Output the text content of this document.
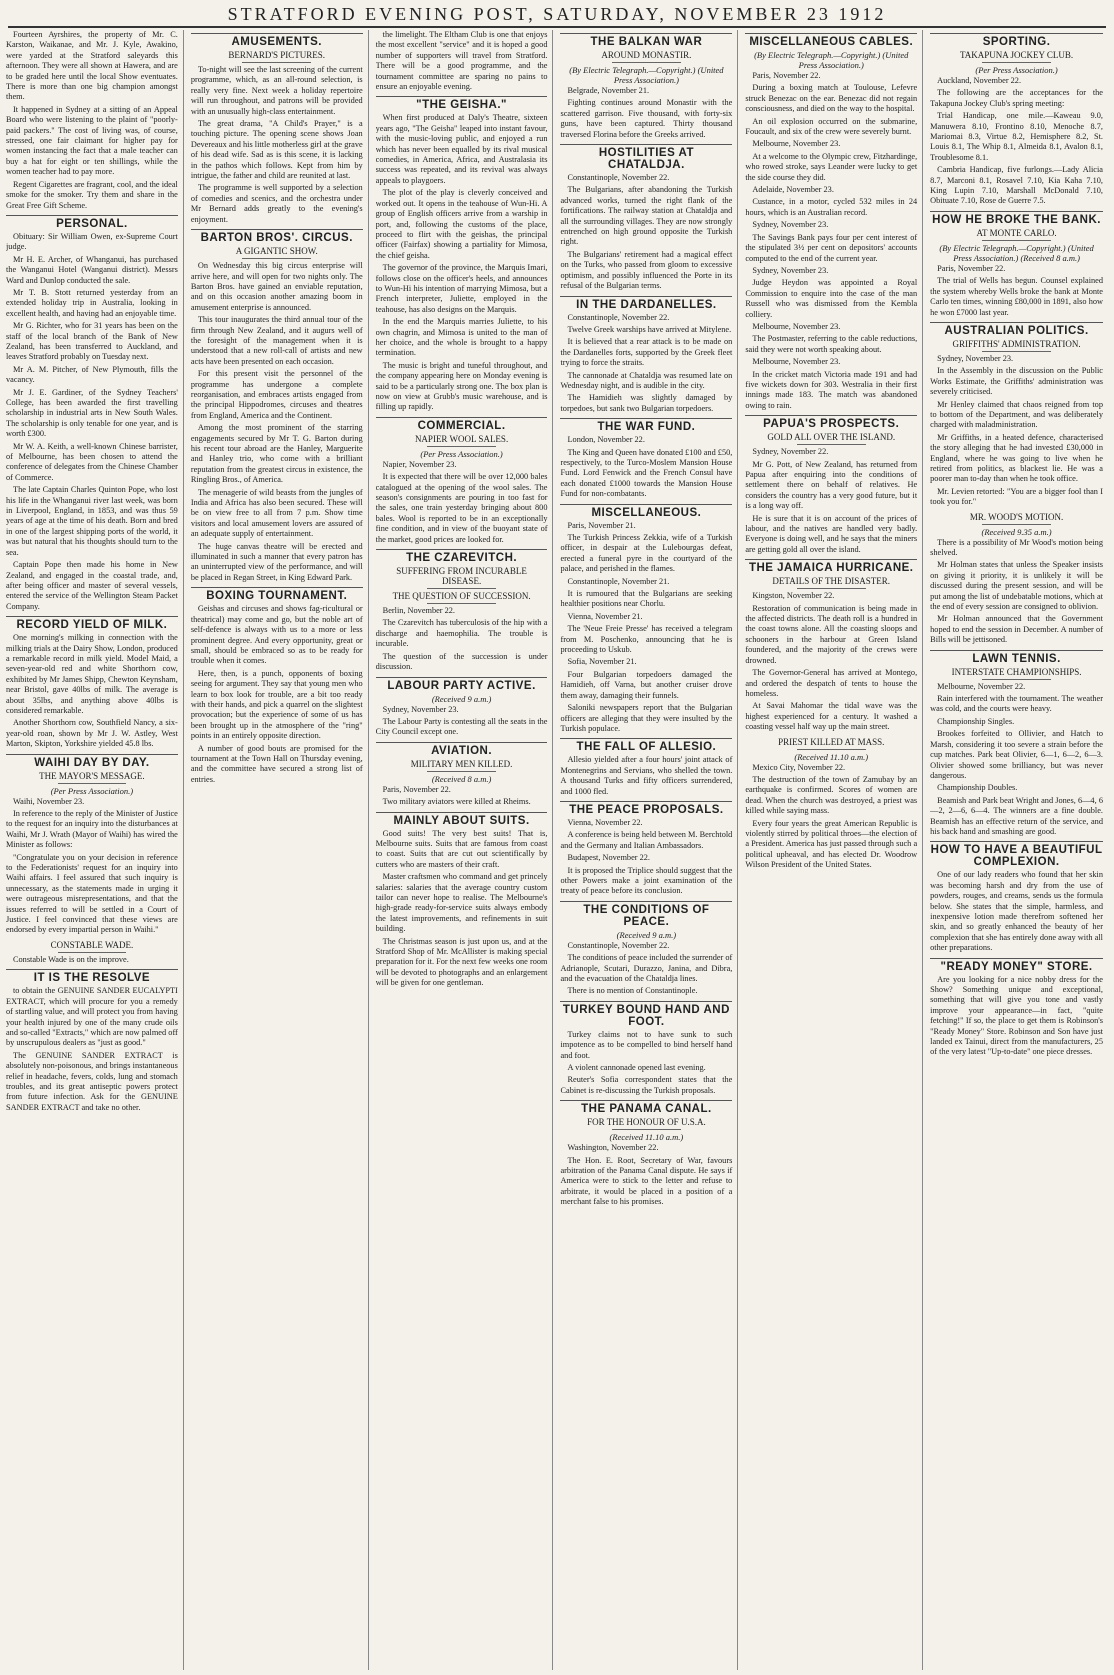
STRATFORD EVENING POST, SATURDAY, NOVEMBER 23 1912

Fourteen Ayrshires, the property of Mr. C. Karston, Waikanae, and Mr. J. Kyle, Awakino, were yarded at the Stratford saleyards this afternoon. They were all shown at Hawera, and are to be graded here until the local Show eventuates. There is more than one big champion amongst them.

It happened in Sydney at a sitting of an Appeal Board who were listening to the plaint of "poorly-paid packers." The cost of living was, of course, stressed, one fair claimant for higher pay for women instancing the fact that a male teacher can buy a hat for eight or ten shillings, while the women teacher had to pay more.

Regent Cigarettes are fragrant, cool, and the ideal smoke for the smoker. Try them and share in the Great Free Gift Scheme.

PERSONAL.

Obituary: Sir William Owen, ex-Supreme Court judge.

Mr H. E. Archer, of Whanganui, has purchased the Wanganui Hotel (Wanganui district). Messrs Ward and Dunlop conducted the sale.

Mr T. B. Stott returned yesterday from an extended holiday trip in Australia, looking in excellent health, and having had an enjoyable time.

Mr G. Richter, who for 31 years has been on the staff of the local branch of the Bank of New Zealand, has been transferred to Auckland, and leaves Stratford probably on Tuesday next.

Mr A. M. Pitcher, of New Plymouth, fills the vacancy.

Mr J. E. Gardiner, of the Sydney Teachers' College, has been awarded the first travelling scholarship in industrial arts in New South Wales. The scholarship is only tenable for one year, and is worth £300.

Mr W. A. Keith, a well-known Chinese barrister, of Melbourne, has been chosen to attend the conference of delegates from the Chinese Chamber of Commerce.

The late Captain Charles Quinton Pope, who lost his life in the Whanganui river last week, was born in Liverpool, England, in 1853, and was thus 59 years of age at the time of his death. Born and bred in one of the largest shipping ports of the world, it was but natural that his thoughts should turn to the sea.

Captain Pope then made his home in New Zealand, and engaged in the coastal trade, and, after being officer and master of several vessels, entered the service of the Wellington Steam Packet Company.

RECORD YIELD OF MILK.

One morning's milking in connection with the milking trials at the Dairy Show, London, produced a remarkable record in milk yield. Model Maid, a seven-year-old red and white Shorthorn cow, exhibited by Mr James Shipp, Chewton Keynsham, near Bristol, gave 40lbs of milk. The average is about 35lbs, and anything above 40lbs is considered remarkable.

Another Shorthorn cow, Southfield Nancy, a six-year-old roan, shown by Mr J. W. Astley, West Marton, Skipton, Yorkshire yielded 45.8 lbs.

WAIHI DAY BY DAY.
THE MAYOR'S MESSAGE.
(Per Press Association.)

Waihi, November 23.

In reference to the reply of the Minister of Justice to the request for an inquiry into the disturbances at Waihi, Mr J. Wrath (Mayor of Waihi) has wired the Minister as follows:

"Congratulate you on your decision in reference to the Federationists' request for an inquiry into Waihi affairs. I feel assured that such inquiry is unnecessary, as the statements made in urging it were outrageous misrepresentations, and that the issues referred to will be settled in a Court of Justice. I feel convinced that these views are endorsed by every impartial person in Waihi."

CONSTABLE WADE.

Constable Wade is on the improve.

IT IS THE RESOLVE

to obtain the GENUINE SANDER EUCALYPTI EXTRACT, which will procure for you a remedy of startling value, and will protect you from having your health injured by one of the many crude oils and so-called "Extracts," which are now palmed off by unscrupulous dealers as "just as good."

The GENUINE SANDER EXTRACT is absolutely non-poisonous, and brings instantaneous relief in headache, fevers, colds, lung and stomach troubles, and its great antiseptic powers protect from future infection. Ask for the GENUINE SANDER EXTRACT and take no other.

AMUSEMENTS.
BERNARD'S PICTURES.

To-night will see the last screening of the current programme, which, as an all-round selection, is really very fine. Next week a holiday repertoire will run throughout, and patrons will be provided with an unusually high-class entertainment.

The great drama, "A Child's Prayer," is a touching picture. The opening scene shows Joan Devereaux and his little motherless girl at the grave of his dead wife. Sad as is this scene, it is lacking in the pathos which follows. Kept from him by intrigue, the father and child are reunited at last.

The programme is well supported by a selection of comedies and scenics, and the orchestra under Mr Bernard adds greatly to the evening's enjoyment.

BARTON BROS'. CIRCUS.
A GIGANTIC SHOW.

On Wednesday this big circus enterprise will arrive here, and will open for two nights only. The Barton Bros. have gained an enviable reputation, and on this occasion another amazing boom in amusement enterprise is announced.

This tour inaugurates the third annual tour of the firm through New Zealand, and it augurs well of the foresight of the management when it is understood that a new roll-call of artists and new acts have been presented on each occasion.

For this present visit the personnel of the programme has undergone a complete reorganisation, and embraces artists engaged from the principal Hippodromes, circuses and theatres from England, America and the Continent.

Among the most prominent of the starring engagements secured by Mr T. G. Barton during his recent tour abroad are the Hanley, Marguerite and Hanley trio, who come with a brilliant reputation from the greatest circus in existence, the Ringling Bros., of America.

The menagerie of wild beasts from the jungles of India and Africa has also been secured. These will be on view free to all from 7 p.m. Show time visitors and local amusement lovers are assured of an adequate supply of entertainment.

The huge canvas theatre will be erected and illuminated in such a manner that every patron has an uninterrupted view of the performance, and will be placed in Regan Street, in King Edward Park.

BOXING TOURNAMENT.

Geishas and circuses and shows fag-ricultural or theatrical) may come and go, but the noble art of self-defence is always with us to a more or less prominent degree. And every opportunity, great or small, should be embraced so as to be ready for trouble when it comes.

Here, then, is a punch, opponents of boxing seeing for argument. They say that young men who learn to box look for trouble, are a bit too ready with their hands, and pick a quarrel on the slightest provocation; but the experience of some of us has been brought up in the atmosphere of the "ring" points in an entirely opposite direction.

A number of good bouts are promised for the tournament at the Town Hall on Thursday evening, and the committee have secured a strong list of entries.

the limelight. The Eltham Club is one that enjoys the most excellent "service" and it is hoped a good number of supporters will travel from Stratford. There will be a good programme, and the tournament committee are sparing no pains to ensure an enjoyable evening.

"THE GEISHA."

When first produced at Daly's Theatre, sixteen years ago, "The Geisha" leaped into instant favour, with the music-loving public, and enjoyed a run which has never been equalled by its rival musical comedies, in America, Africa, and Australasia its success was repeated, and its revival was always appeals to playgoers.

The plot of the play is cleverly conceived and worked out. It opens in the teahouse of Wun-Hi. A group of English officers arrive from a warship in port, and, following the customs of the place, proceed to flirt with the geishas, the principal officer (Fairfax) showing a partiality for Mimosa, the chief geisha.

The governor of the province, the Marquis Imari, follows close on the officer's heels, and announces to Wun-Hi his intention of marrying Mimosa, but a French interpreter, Juliette, employed in the teahouse, has also designs on the Marquis.

In the end the Marquis marries Juliette, to his own chagrin, and Mimosa is united to the man of her choice, and the whole is brought to a happy termination.

The music is bright and tuneful throughout, and the company appearing here on Monday evening is said to be a particularly strong one. The box plan is now on view at Grubb's music warehouse, and is filling up rapidly.

COMMERCIAL.
NAPIER WOOL SALES.
(Per Press Association.)

Napier, November 23.

It is expected that there will be over 12,000 bales catalogued at the opening of the wool sales. The season's consignments are pouring in too fast for the sales, one train yesterday bringing about 800 bales. Wool is reported to be in an exceptionally fine condition, and in view of the buoyant state of the market, good prices are looked for.

THE CZAREVITCH.
SUFFERING FROM INCURABLE DISEASE.
THE QUESTION OF SUCCESSION.

Berlin, November 22.

The Czarevitch has tuberculosis of the hip with a discharge and haemophilia. The trouble is incurable.

The question of the succession is under discussion.

LABOUR PARTY ACTIVE.
(Received 9 a.m.)

Sydney, November 23.

The Labour Party is contesting all the seats in the City Council except one.

AVIATION.
MILITARY MEN KILLED.
(Received 8 a.m.)

Paris, November 22.

Two military aviators were killed at Rheims.

MAINLY ABOUT SUITS.

Good suits! The very best suits! That is, Melbourne suits. Suits that are famous from coast to coast. Suits that are cut out scientifically by cutters who are masters of their craft.

Master craftsmen who command and get princely salaries: salaries that the average country custom tailor can never hope to realise. The Melbourne's high-grade ready-for-service suits always embody the latest improvements, and refinements in suit building.

The Christmas season is just upon us, and at the Stratford Shop of Mr. McAllister is making special preparation for it. For the next few weeks one room will be devoted to photographs and an enlargement will be given for one gentleman.

THE BALKAN WAR
AROUND MONASTIR.
(By Electric Telegraph.—Copyright.) (United Press Association.)

Belgrade, November 21.

Fighting continues around Monastir with the scattered garrison. Five thousand, with forty-six guns, have been captured. Thirty thousand traversed Florina before the Greeks arrived.

HOSTILITIES AT CHATALDJA.

Constantinople, November 22.

The Bulgarians, after abandoning the Turkish advanced works, turned the right flank of the fortifications. The railway station at Chataldja and all the surrounding villages. They are now strongly entrenched on high ground opposite the Turkish right.

The Bulgarians' retirement had a magical effect on the Turks, who passed from gloom to excessive optimism, and possibly influenced the Porte in its refusal of the Bulgarian terms.

IN THE DARDANELLES.

Constantinople, November 22.

Twelve Greek warships have arrived at Mitylene.

It is believed that a rear attack is to be made on the Dardanelles forts, supported by the Greek fleet trying to force the straits.

The cannonade at Chataldja was resumed late on Wednesday night, and is audible in the city.

The Hamidieh was slightly damaged by torpedoes, but sank two Bulgarian torpedoers.

THE WAR FUND.

London, November 22.

The King and Queen have donated £100 and £50, respectively, to the Turco-Moslem Mansion House Fund. Lord Fenwick and the French Consul have each donated £1000 towards the Mansion House Fund for non-combatants.

MISCELLANEOUS.

Paris, November 21.

The Turkish Princess Zekkia, wife of a Turkish officer, in despair at the Lulebourgas defeat, erected a funeral pyre in the courtyard of the palace, and perished in the flames.

Constantinople, November 21.

It is rumoured that the Bulgarians are seeking healthier positions near Chorlu.

Vienna, November 21.

The 'Neue Freie Presse' has received a telegram from M. Poschenko, announcing that he is proceeding to Uskub.

Sofia, November 21.

Four Bulgarian torpedoers damaged the Hamidieh, off Varna, but another cruiser drove them away, damaging their funnels.

Saloniki newspapers report that the Bulgarian officers are alleging that they were insulted by the Turkish populace.

THE FALL OF ALLESIO.

Allesio yielded after a four hours' joint attack of Montenegrins and Servians, who shelled the town. A thousand Turks and fifty officers surrendered, and 1000 fled.

THE PEACE PROPOSALS.

Vienna, November 22.

A conference is being held between M. Berchtold and the Germany and Italian Ambassadors.

Budapest, November 22.

It is proposed the Triplice should suggest that the other Powers make a joint examination of the treaty of peace before its conclusion.

THE CONDITIONS OF PEACE.
(Received 9 a.m.)

Constantinople, November 22.

The conditions of peace included the surrender of Adrianople, Scutari, Durazzo, Janina, and Dibra, and the evacuation of the Chataldja lines.

There is no mention of Constantinople.

TURKEY BOUND HAND AND FOOT.

Turkey claims not to have sunk to such impotence as to be compelled to bind herself hand and foot.

A violent cannonade opened last evening.

Reuter's Sofia correspondent states that the Cabinet is re-discussing the Turkish proposals.

THE PANAMA CANAL.
FOR THE HONOUR OF U.S.A.
(Received 11.10 a.m.)

Washington, November 22.

The Hon. E. Root, Secretary of War, favours arbitration of the Panama Canal dispute. He says if America were to stick to the letter and refuse to arbitrate, it would be placed in a position of a merchant false to his promises.

MISCELLANEOUS CABLES.
(By Electric Telegraph.—Copyright.) (United Press Association.)

Paris, November 22.

During a boxing match at Toulouse, Lefevre struck Benezac on the ear. Benezac did not regain consciousness, and died on the way to the hospital.

An oil explosion occurred on the submarine, Foucault, and six of the crew were severely burnt.

Melbourne, November 23.

At a welcome to the Olympic crew, Fitzhardinge, who rowed stroke, says Leander were lucky to get the side course they did.

Adelaide, November 23.

Custance, in a motor, cycled 532 miles in 24 hours, which is an Australian record.

Sydney, November 23.

The Savings Bank pays four per cent interest of the stipulated 3½ per cent on depositors' accounts computed to the end of the current year.

Sydney, November 23.

Judge Heydon was appointed a Royal Commission to enquire into the case of the man Russell who was dismissed from the Kembla colliery.

Melbourne, November 23.

The Postmaster, referring to the cable reductions, said they were not worth speaking about.

Melbourne, November 23.

In the cricket match Victoria made 191 and had five wickets down for 303. Westralia in their first innings made 183. The match was abandoned owing to rain.

PAPUA'S PROSPECTS.
GOLD ALL OVER THE ISLAND.

Sydney, November 22.

Mr G. Pott, of New Zealand, has returned from Papua after enquiring into the conditions of settlement there on behalf of relatives. He considers the country has a very good future, but it is a long way off.

He is sure that it is on account of the prices of labour, and the natives are handled very badly. Everyone is doing well, and he says that the miners are getting gold all over the island.

THE JAMAICA HURRICANE.
DETAILS OF THE DISASTER.

Kingston, November 22.

Restoration of communication is being made in the affected districts. The death roll is a hundred in the coast towns alone. All the coasting sloops and schooners in the harbour at Green Island foundered, and the majority of the crews were drowned.

The Governor-General has arrived at Montego, and ordered the despatch of tents to house the homeless.

At Savai Mahomar the tidal wave was the highest experienced for a century. It washed a coasting vessel half way up the main street.

PRIEST KILLED AT MASS.
(Received 11.10 a.m.)

Mexico City, November 22.

The destruction of the town of Zamubay by an earthquake is confirmed. Scores of women are dead. When the church was destroyed, a priest was killed while saying mass.

Every four years the great American Republic is violently stirred by political throes—the election of a President. America has just passed through such a political upheaval, and has elected Dr. Woodrow Wilson President of the United States.

SPORTING.
TAKAPUNA JOCKEY CLUB.
(Per Press Association.)

Auckland, November 22.

The following are the acceptances for the Takapuna Jockey Club's spring meeting:

Trial Handicap, one mile.—Kaweau 9.0, Manuwera 8.10, Frontino 8.10, Menoche 8.7, Mariomai 8.3, Virtue 8.2, Hemisphere 8.2, St. Louis 8.1, The Whip 8.1, Almeida 8.1, Avalon 8.1, Troublesome 8.1.

Cambria Handicap, five furlongs.—Lady Alicia 8.7, Marconi 8.1, Rosavel 7.10, Kia Kaha 7.10, King Lupin 7.10, Marshall McDonald 7.10, Obituate 7.10, Rose de Guerre 7.5.

HOW HE BROKE THE BANK.
AT MONTE CARLO.
(By Electric Telegraph.—Copyright.) (United Press Association.) (Received 8 a.m.)

Paris, November 22.

The trial of Wells has begun. Counsel explained the system whereby Wells broke the bank at Monte Carlo ten times, winning £80,000 in 1891, also how he won £7000 last year.

AUSTRALIAN POLITICS.
GRIFFITHS' ADMINISTRATION.

Sydney, November 23.

In the Assembly in the discussion on the Public Works Estimate, the Griffiths' administration was severely criticised.

Mr Henley claimed that chaos reigned from top to bottom of the Department, and was deliberately charged with maladministration.

Mr Griffiths, in a heated defence, characterised the story alleging that he had invested £30,000 in England, where he was going to live when he retired from politics, as blackest lie. He was a poorer man to-day than when he took office.

Mr. Levien retorted: "You are a bigger fool than I took you for."

MR. WOOD'S MOTION.
(Received 9.35 a.m.)

There is a possibility of Mr Wood's motion being shelved.

Mr Holman states that unless the Speaker insists on giving it priority, it is unlikely it will be discussed during the present session, and will be put among the list of undebatable motions, which at the end of every session are consigned to oblivion.

Mr Holman announced that the Government hoped to end the session in December. A number of Bills will be jettisoned.

LAWN TENNIS.
INTERSTATE CHAMPIONSHIPS.

Melbourne, November 22.

Rain interfered with the tournament. The weather was cold, and the courts were heavy.

Championship Singles.

Brookes forfeited to Ollivier, and Hatch to Marsh, considering it too severe a strain before the cup matches. Park beat Olivier, 6—1, 6—2, 6—3. Olivier showed some brilliancy, but was never dangerous.

Championship Doubles.

Beamish and Park beat Wright and Jones, 6—4, 6—2, 2—6, 6—4. The winners are a fine double. Beamish has an effective return of the service, and his back hand and smashing are good.

HOW TO HAVE A BEAUTIFUL COMPLEXION.

One of our lady readers who found that her skin was becoming harsh and dry from the use of powders, rouges, and creams, sends us the formula below. She states that the simple, harmless, and inexpensive lotion made therefrom softened her skin, and so greatly enhanced the beauty of her complexion that she has entirely done away with all other preparations.

"READY MONEY" STORE.

Are you looking for a nice nobby dress for the Show? Something unique and exceptional, something that will give you tone and vastly improve your appearance—in fact, "quite fetching!" If so, the place to get them is Robinson's "Ready Money" Store. Robinson and Son have just landed ex Tainui, direct from the manufacturers, 25 of the very latest "Up-to-date" one piece dresses.
